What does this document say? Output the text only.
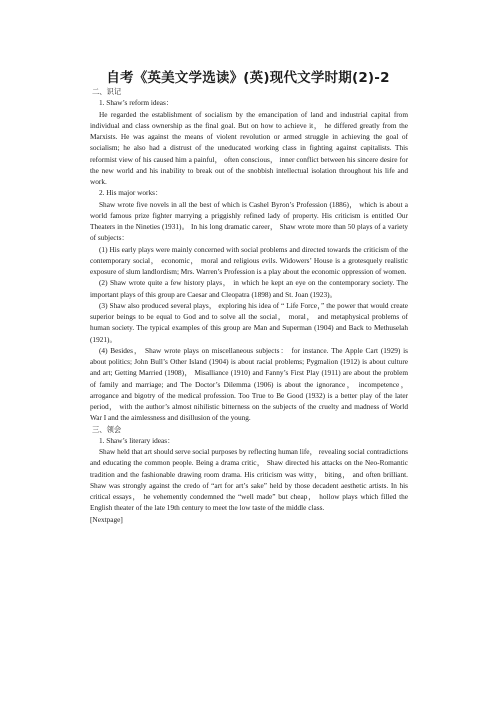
自考《英美文学选读》(英)现代文学时期(2)-2

二、识记

1. Shaw’s reform ideas：

He regarded the establishment of socialism by the emancipation of land and industrial capital from individual and class ownership as the final goal. But on how to achieve it， he differed greatly from the Marxists. He was against the means of violent revolution or armed struggle in achieving the goal of socialism; he also had a distrust of the uneducated working class in fighting against capitalists. This reformist view of his caused him a painful， often conscious， inner conflict between his sincere desire for the new world and his inability to break out of the snobbish intellectual isolation throughout his life and work.

2. His major works：

Shaw wrote five novels in all the best of which is Cashel Byron’s Profession (1886)， which is about a world famous prize fighter marrying a priggishly refined lady of property. His criticism is entitled Our Theaters in the Nineties (1931)。 In his long dramatic career， Shaw wrote more than 50 plays of a variety of subjects：

(1) His early plays were mainly concerned with social problems and directed towards the criticism of the contemporary social， economic， moral and religious evils. Widowers’ House is a grotesquely realistic exposure of slum landlordism; Mrs. Warren’s Profession is a play about the economic oppression of women.

(2) Shaw wrote quite a few history plays， in which he kept an eye on the contemporary society. The important plays of this group are Caesar and Cleopatra (1898) and St. Joan (1923)。

(3) Shaw also produced several plays， exploring his idea of “ Life Force，” the power that would create superior beings to be equal to God and to solve all the social， moral， and metaphysical problems of human society. The typical examples of this group are Man and Superman (1904) and Back to Methuselah (1921)。

(4) Besides， Shaw wrote plays on miscellaneous subjects： for instance. The Apple Cart (1929) is about politics; John Bull’s Other Island (1904) is about racial problems; Pygmalion (1912) is about culture and art; Getting Married (1908)， Misalliance (1910) and Fanny’s First Play (1911) are about the problem of family and marriage; and The Doctor’s Dilemma (1906) is about the ignorance， incompetence， arrogance and bigotry of the medical profession. Too True to Be Good (1932) is a better play of the later period， with the author’s almost nihilistic bitterness on the subjects of the cruelty and madness of World War I and the aimlessness and disillusion of the young.

三、领会

1. Shaw’s literary ideas：

Shaw held that art should serve social purposes by reflecting human life， revealing social contradictions and educating the common people. Being a drama critic， Shaw directed his attacks on the Neo-Romantic tradition and the fashionable drawing room drama. His criticism was witty， biting， and often brilliant. Shaw was strongly against the credo of “art for art’s sake” held by those decadent aesthetic artists. In his critical essays， he vehemently condemned the “well made” but cheap， hollow plays which filled the English theater of the late 19th century to meet the low taste of the middle class.

[Nextpage]
